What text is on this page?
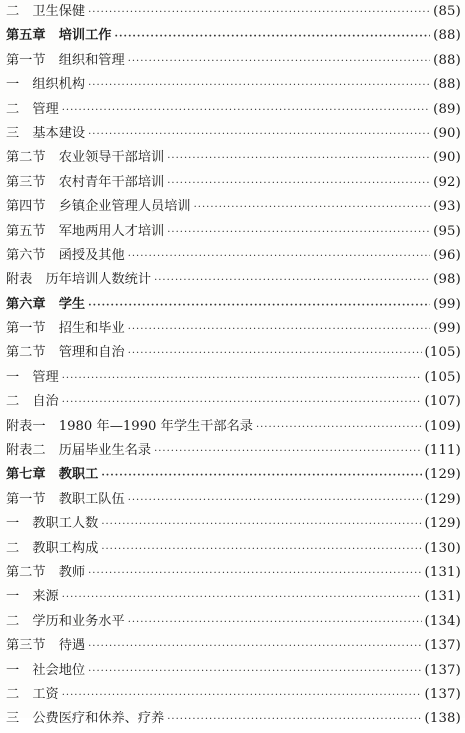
二　卫生保健 ·····	(85)
第五章　培训工作 ·····	(88)
第一节　组织和管理 ·····	(88)
一　组织机构 ·····	(88)
二　管理 ·····	(89)
三　基本建设 ·····	(90)
第二节　农业领导干部培训 ·····	(90)
第三节　农村青年干部培训 ·····	(92)
第四节　乡镇企业管理人员培训 ·····	(93)
第五节　军地两用人才培训 ·····	(95)
第六节　函授及其他 ·····	(96)
附表　历年培训人数统计 ·····	(98)
第六章　学生 ·····	(99)
第一节　招生和毕业 ·····	(99)
第二节　管理和自治 ·····	(105)
一　管理 ·····	(105)
二　自治 ·····	(107)
附表一　1980 年—1990 年学生干部名录 ·····	(109)
附表二　历届毕业生名录 ·····	(111)
第七章　教职工 ·····	(129)
第一节　教职工队伍 ·····	(129)
一　教职工人数 ·····	(129)
二　教职工构成 ·····	(130)
第二节　教师 ·····	(131)
一　来源 ·····	(131)
二　学历和业务水平 ·····	(134)
第三节　待遇 ·····	(137)
一　社会地位 ·····	(137)
二　工资 ·····	(137)
三　公费医疗和休养、疗养 ·····	(138)
